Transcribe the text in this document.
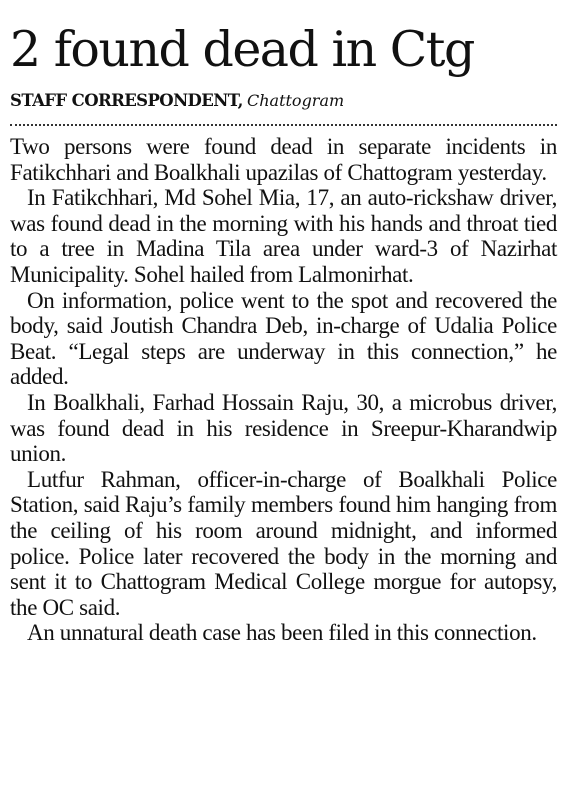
2 found dead in Ctg
STAFF CORRESPONDENT, Chattogram

Two persons were found dead in separate incidents in Fatikchhari and Boalkhali upazilas of Chattogram yesterday.

In Fatikchhari, Md Sohel Mia, 17, an auto-rickshaw driver, was found dead in the morning with his hands and throat tied to a tree in Madina Tila area under ward-3 of Nazirhat Municipality. Sohel hailed from Lalmonirhat.

On information, police went to the spot and recovered the body, said Joutish Chandra Deb, in-charge of Udalia Police Beat. “Legal steps are underway in this connection,” he added.

In Boalkhali, Farhad Hossain Raju, 30, a microbus driver, was found dead in his residence in Sreepur-Kharandwip union.

Lutfur Rahman, officer-in-charge of Boalkhali Police Station, said Raju’s family members found him hanging from the ceiling of his room around midnight, and informed police. Police later recovered the body in the morning and sent it to Chattogram Medical College morgue for autopsy, the OC said.

An unnatural death case has been filed in this connection.
